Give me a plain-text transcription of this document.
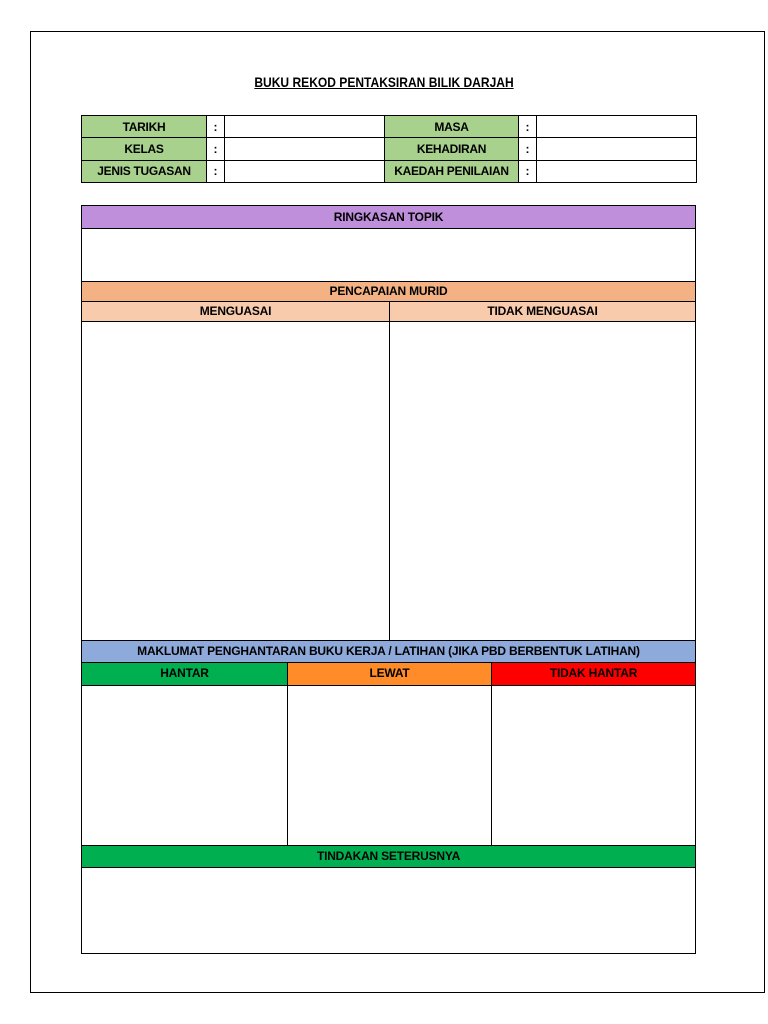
BUKU REKOD PENTAKSIRAN BILIK DARJAH
TARIKH	:		MASA	:	
KELAS	:		KEHADIRAN	:	
JENIS TUGASAN	:		KAEDAH PENILAIAN	:	
RINGKASAN TOPIK
PENCAPAIAN MURID
MENGUASAI	TIDAK MENGUASAI
MAKLUMAT PENGHANTARAN BUKU KERJA / LATIHAN (JIKA PBD BERBENTUK LATIHAN)
HANTAR	LEWAT	TIDAK HANTAR
TINDAKAN SETERUSNYA
